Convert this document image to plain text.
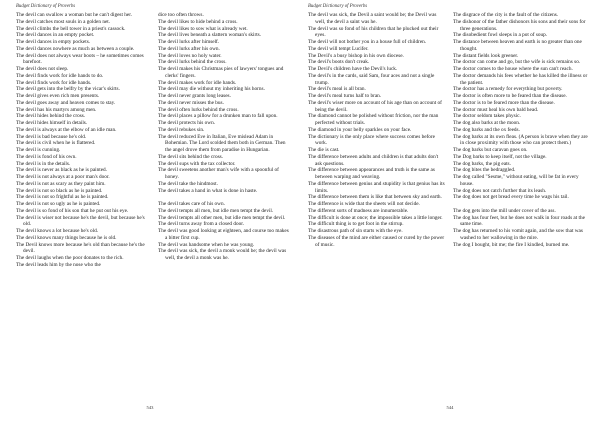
Budget Dictionary of Proverbs

The devil can swallow a woman but he can't digest her.

The devil catches most souls in a golden net.

The devil climbs the bell tower in a priest's cassock.

The devil dances in an empty pocket.

The devil dances in empty pockets.

The devil dances nowhere as much as between a couple.

The devil does not always wear boots – he sometimes comes barefoot.

The devil does not sleep.

The devil finds work for idle hands to do.

The devil finds work for idle hands.

The devil gets into the belfry by the vicar's skirts.

The devil gives even rich men presents.

The devil goes away and heaven comes to stay.

The devil has his martyrs among men.

The devil hides behind the cross.

The devil hides himself in details.

The devil is always at the elbow of an idle man.

The devil is bad because he's old.

The devil is civil when he is flattered.

The devil is cunning.

The devil is fond of his own.

The devil is in the details.

The devil is never as black as he is painted.

The devil is not always at a poor man's door.

The devil is not as scary as they paint him.

The devil is not so black as he is painted.

The devil is not so frightful as he is painted.

The devil is not so ugly as he is painted.

The devil is so fond of his son that he put out his eye.

The devil is wiser not because he's the devil, but because he's old.

The devil knows a lot because he's old.

The devil knows many things because he is old.

The Devil knows more because he's old than because he's the devil.

The devil laughs when the poor donates to the rich.

The devil leads him by the nose who the

dice too often throws.

The devil likes to hide behind a cross.

The devil likes to sow what is already wet.

The devil lives beneath a slattern woman's skirts.

The devil lurks after himself.

The devil lurks after his own.

The devil loves no holy water.

The devil lurks behind the cross.

The devil makes his Christmas pies of lawyers' tongues and clerks' fingers.

The devil makes work for idle hands.

The devil may die without my inheriting his horns.

The devil never grants long leases.

The devil never misses the bus.

The devil often lurks behind the cross.

The devil places a pillow for a drunken man to fall upon.

The devil protects his own.

The devil rebukes sin.

The devil reduced Eve in Italian, Eve mislead Adam in Bohemian. The Lord scolded them both in German. Then the angel drove them from paradise in Hungarian.

The devil sits behind the cross.

The devil sups with the tax collector.

The devil sweetens another man's wife with a spoonful of honey.

The devil take the hindmost.

The devil takes a hand in what is done in haste.

The devil takes care of his own.

The devil tempts all men, but idle men tempt the devil.

The devil tempts all other men, but idle men tempt the devil.

The devil turns away from a closed door.

The devil was good looking at eighteen, and course too makes a bitter first cup.

The devil was handsome when he was young.

The devil was sick, the devil a monk would be; the devil was well, the devil a monk was he.

543
Budget Dictionary of Proverbs

The devil was sick, the Devil a saint would be; the Devil was well, the devil a saint was he.

The devil was so fond of his children that he plucked out their eyes.

The devil will not bother you in a house full of children.

The devil will tempt Lucifer.

The Devil's a busy bishop in his own diocese.

The devil's boots don't creak.

The Devil's children have the Devil's luck.

The devil's in the cards, said Sam, four aces and not a single trump.

The devil's meal is all bran.

The devil's meal turns half to bran.

The devil's wiser more on account of his age than on account of being the devil.

The diamond cannot be polished without friction, nor the man perfected without trials.

The diamond in your belly sparkles on your face.

The dictionary is the only place where success comes before work.

The die is cast.

The difference between adults and children is that adults don't ask questions.

The difference between appearances and truth is the same as between warping and weaving.

The difference between genius and stupidity is that genius has its limits.

The difference between them is like that between sky and earth.

The difference is wide that the sheets will not decide.

The different sorts of madness are innumerable.

The difficult is done at once; the impossible takes a little longer.

The difficult thing is to get foot in the stirrup.

The disastrous path of sin starts with the eye.

The diseases of the mind are either caused or cured by the power of music.

The disgrace of the city is the fault of the citizens.

The dishonor of the father dishonors his sons and their sons for three generations.

The disobedient fowl sleeps in a pot of soup.

The distance between heaven and earth is no greater than one thought.

The distant fields look greener.

The doctor can come and go, but the wife is sick remains so.

The doctor comes to the house where the sun can't reach.

The doctor demands his fees whether he has killed the illness or the patient.

The doctor has a remedy for everything but poverty.

The doctor is often more to be feared than the disease.

The doctor is to be feared more than the disease.

The doctor must heal his own bald head.

The doctor seldom takes physic.

The dog also barks at the moon.

The dog barks and the ox feeds.

The dog barks at its own fleas. (A person is brave when they are in close proximity with those who can protect them.)

The dog barks but caravan goes on.

The Dog barks to keep itself, not the village.

The dog barks, the pig eats.

The dog bites the bedraggled.

The dog called "Sesme," without eating, will be fat in every house.

The dog does not catch further that its leash.

The dog does not get bread every time he wags his tail.

The dog gets into the mill under cover of the ass.

The dog has four feet, but he does not walk in four roads at the same time.

The dog has returned to his vomit again, and the sow that was washed to her wallowing in the mire.

The dog I bought, bit me; the fire I kindled, burned me.

544
